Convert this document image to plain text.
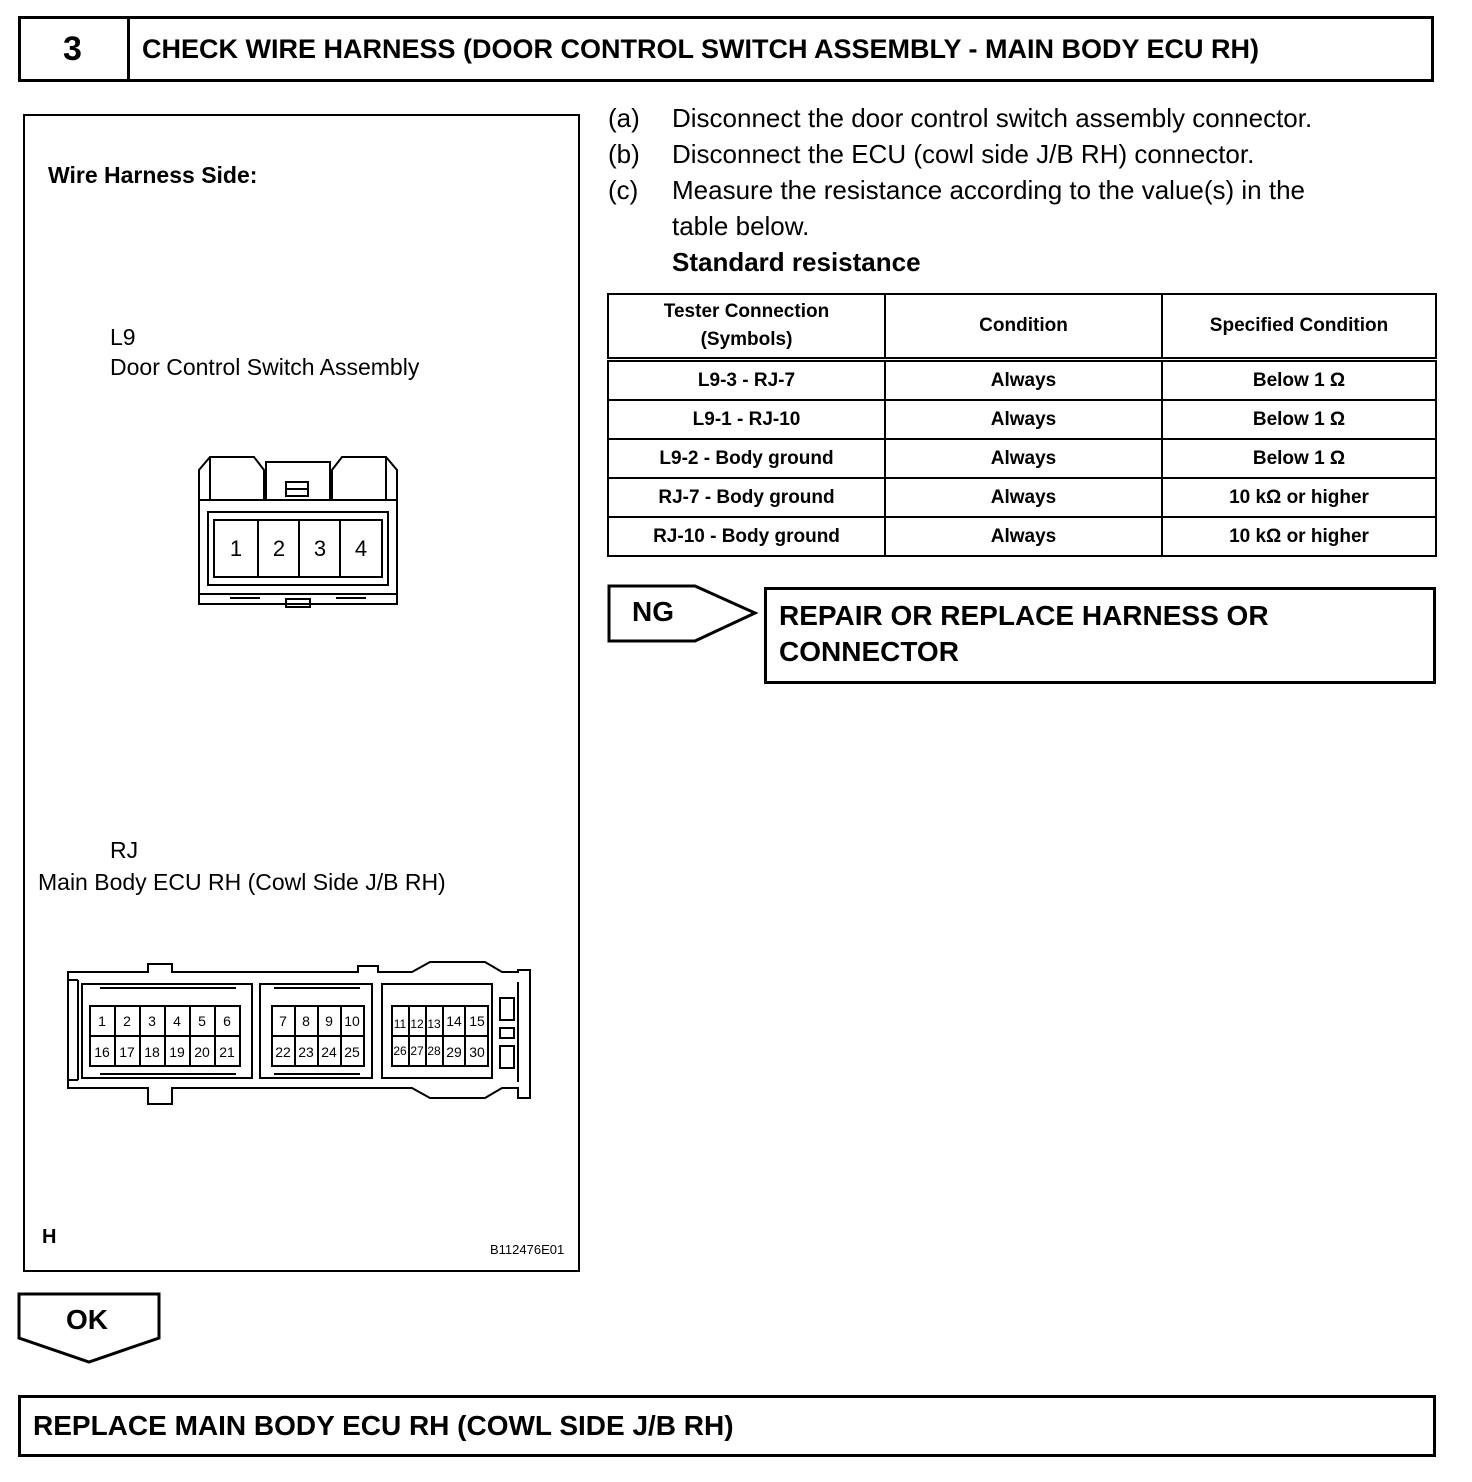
3	CHECK WIRE HARNESS (DOOR CONTROL SWITCH ASSEMBLY - MAIN BODY ECU RH)
Wire Harness Side:
L9
Door Control Switch Assembly
1 2 3 4
RJ
Main Body ECU RH (Cowl Side J/B RH)
1 2 3 4 5 6
16 17 18 19 20 21
7 8 9 10
22 23 24 25
11 12 13 14 15
26 27 28 29 30
H
B112476E01
(a) Disconnect the door control switch assembly connector.
(b) Disconnect the ECU (cowl side J/B RH) connector.
(c) Measure the resistance according to the value(s) in the
table below.
Standard resistance
Tester Connection
(Symbols)	Condition	Specified Condition
L9-3 - RJ-7	Always	Below 1 Ω
L9-1 - RJ-10	Always	Below 1 Ω
L9-2 - Body ground	Always	Below 1 Ω
RJ-7 - Body ground	Always	10 kΩ or higher
RJ-10 - Body ground	Always	10 kΩ or higher
NG	REPAIR OR REPLACE HARNESS OR
CONNECTOR
OK
REPLACE MAIN BODY ECU RH (COWL SIDE J/B RH)
